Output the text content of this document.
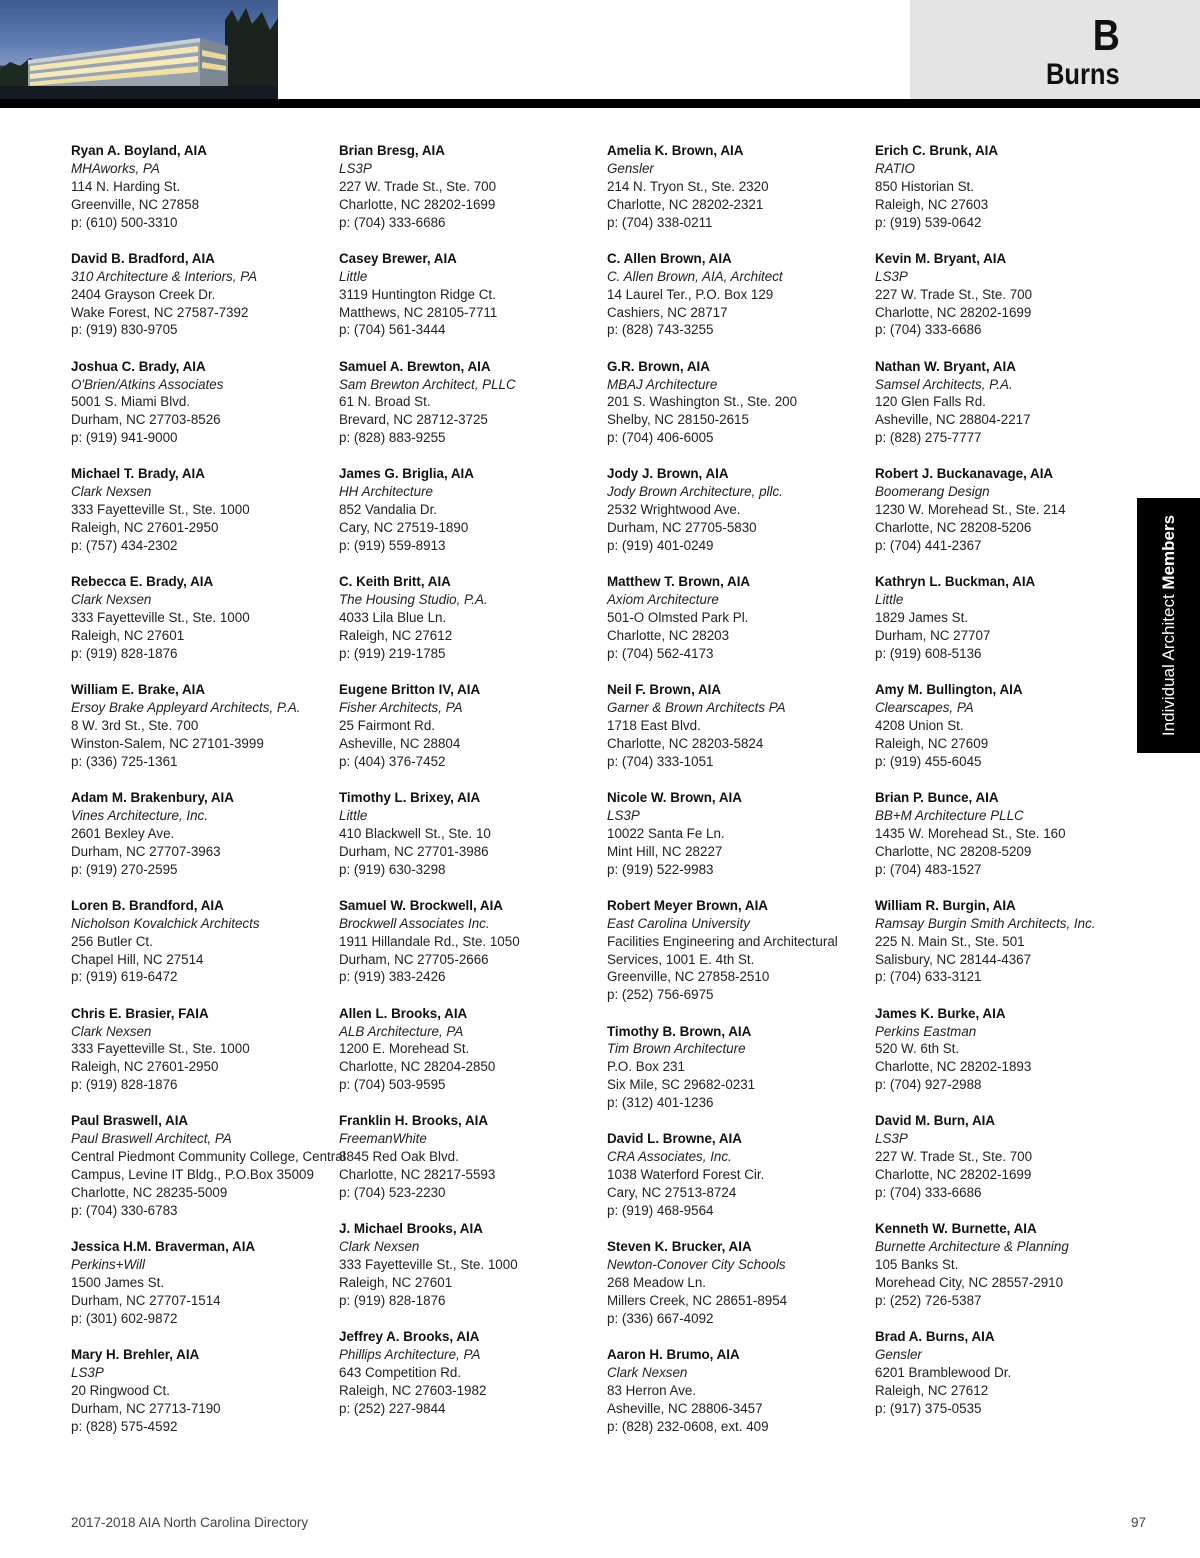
B
Burns
Ryan A. Boyland, AIA
MHAworks, PA
114 N. Harding St.
Greenville, NC 27858
p: (610) 500-3310
David B. Bradford, AIA
310 Architecture & Interiors, PA
2404 Grayson Creek Dr.
Wake Forest, NC 27587-7392
p: (919) 830-9705
Joshua C. Brady, AIA
O'Brien/Atkins Associates
5001 S. Miami Blvd.
Durham, NC 27703-8526
p: (919) 941-9000
Michael T. Brady, AIA
Clark Nexsen
333 Fayetteville St., Ste. 1000
Raleigh, NC 27601-2950
p: (757) 434-2302
Rebecca E. Brady, AIA
Clark Nexsen
333 Fayetteville St., Ste. 1000
Raleigh, NC 27601
p: (919) 828-1876
William E. Brake, AIA
Ersoy Brake Appleyard Architects, P.A.
8 W. 3rd St., Ste. 700
Winston-Salem, NC 27101-3999
p: (336) 725-1361
Adam M. Brakenbury, AIA
Vines Architecture, Inc.
2601 Bexley Ave.
Durham, NC 27707-3963
p: (919) 270-2595
Loren B. Brandford, AIA
Nicholson Kovalchick Architects
256 Butler Ct.
Chapel Hill, NC 27514
p: (919) 619-6472
Chris E. Brasier, FAIA
Clark Nexsen
333 Fayetteville St., Ste. 1000
Raleigh, NC 27601-2950
p: (919) 828-1876
Paul Braswell, AIA
Paul Braswell Architect, PA
Central Piedmont Community College, Central
Campus, Levine IT Bldg., P.O.Box 35009
Charlotte, NC 28235-5009
p: (704) 330-6783
Jessica H.M. Braverman, AIA
Perkins+Will
1500 James St.
Durham, NC 27707-1514
p: (301) 602-9872
Mary H. Brehler, AIA
LS3P
20 Ringwood Ct.
Durham, NC 27713-7190
p: (828) 575-4592
Brian Bresg, AIA
LS3P
227 W. Trade St., Ste. 700
Charlotte, NC 28202-1699
p: (704) 333-6686
Casey Brewer, AIA
Little
3119 Huntington Ridge Ct.
Matthews, NC 28105-7711
p: (704) 561-3444
Samuel A. Brewton, AIA
Sam Brewton Architect, PLLC
61 N. Broad St.
Brevard, NC 28712-3725
p: (828) 883-9255
James G. Briglia, AIA
HH Architecture
852 Vandalia Dr.
Cary, NC 27519-1890
p: (919) 559-8913
C. Keith Britt, AIA
The Housing Studio, P.A.
4033 Lila Blue Ln.
Raleigh, NC 27612
p: (919) 219-1785
Eugene Britton IV, AIA
Fisher Architects, PA
25 Fairmont Rd.
Asheville, NC 28804
p: (404) 376-7452
Timothy L. Brixey, AIA
Little
410 Blackwell St., Ste. 10
Durham, NC 27701-3986
p: (919) 630-3298
Samuel W. Brockwell, AIA
Brockwell Associates Inc.
1911 Hillandale Rd., Ste. 1050
Durham, NC 27705-2666
p: (919) 383-2426
Allen L. Brooks, AIA
ALB Architecture, PA
1200 E. Morehead St.
Charlotte, NC 28204-2850
p: (704) 503-9595
Franklin H. Brooks, AIA
FreemanWhite
8845 Red Oak Blvd.
Charlotte, NC 28217-5593
p: (704) 523-2230
J. Michael Brooks, AIA
Clark Nexsen
333 Fayetteville St., Ste. 1000
Raleigh, NC 27601
p: (919) 828-1876
Jeffrey A. Brooks, AIA
Phillips Architecture, PA
643 Competition Rd.
Raleigh, NC 27603-1982
p: (252) 227-9844
Amelia K. Brown, AIA
Gensler
214 N. Tryon St., Ste. 2320
Charlotte, NC 28202-2321
p: (704) 338-0211
C. Allen Brown, AIA
C. Allen Brown, AIA, Architect
14 Laurel Ter., P.O. Box 129
Cashiers, NC 28717
p: (828) 743-3255
G.R. Brown, AIA
MBAJ Architecture
201 S. Washington St., Ste. 200
Shelby, NC 28150-2615
p: (704) 406-6005
Jody J. Brown, AIA
Jody Brown Architecture, pllc.
2532 Wrightwood Ave.
Durham, NC 27705-5830
p: (919) 401-0249
Matthew T. Brown, AIA
Axiom Architecture
501-O Olmsted Park Pl.
Charlotte, NC 28203
p: (704) 562-4173
Neil F. Brown, AIA
Garner & Brown Architects PA
1718 East Blvd.
Charlotte, NC 28203-5824
p: (704) 333-1051
Nicole W. Brown, AIA
LS3P
10022 Santa Fe Ln.
Mint Hill, NC 28227
p: (919) 522-9983
Robert Meyer Brown, AIA
East Carolina University
Facilities Engineering and Architectural
Services, 1001 E. 4th St.
Greenville, NC 27858-2510
p: (252) 756-6975
Timothy B. Brown, AIA
Tim Brown Architecture
P.O. Box 231
Six Mile, SC 29682-0231
p: (312) 401-1236
David L. Browne, AIA
CRA Associates, Inc.
1038 Waterford Forest Cir.
Cary, NC 27513-8724
p: (919) 468-9564
Steven K. Brucker, AIA
Newton-Conover City Schools
268 Meadow Ln.
Millers Creek, NC 28651-8954
p: (336) 667-4092
Aaron H. Brumo, AIA
Clark Nexsen
83 Herron Ave.
Asheville, NC 28806-3457
p: (828) 232-0608, ext. 409
Erich C. Brunk, AIA
RATIO
850 Historian St.
Raleigh, NC 27603
p: (919) 539-0642
Kevin M. Bryant, AIA
LS3P
227 W. Trade St., Ste. 700
Charlotte, NC 28202-1699
p: (704) 333-6686
Nathan W. Bryant, AIA
Samsel Architects, P.A.
120 Glen Falls Rd.
Asheville, NC 28804-2217
p: (828) 275-7777
Robert J. Buckanavage, AIA
Boomerang Design
1230 W. Morehead St., Ste. 214
Charlotte, NC 28208-5206
p: (704) 441-2367
Kathryn L. Buckman, AIA
Little
1829 James St.
Durham, NC 27707
p: (919) 608-5136
Amy M. Bullington, AIA
Clearscapes, PA
4208 Union St.
Raleigh, NC 27609
p: (919) 455-6045
Brian P. Bunce, AIA
BB+M Architecture PLLC
1435 W. Morehead St., Ste. 160
Charlotte, NC 28208-5209
p: (704) 483-1527
William R. Burgin, AIA
Ramsay Burgin Smith Architects, Inc.
225 N. Main St., Ste. 501
Salisbury, NC 28144-4367
p: (704) 633-3121
James K. Burke, AIA
Perkins Eastman
520 W. 6th St.
Charlotte, NC 28202-1893
p: (704) 927-2988
David M. Burn, AIA
LS3P
227 W. Trade St., Ste. 700
Charlotte, NC 28202-1699
p: (704) 333-6686
Kenneth W. Burnette, AIA
Burnette Architecture & Planning
105 Banks St.
Morehead City, NC 28557-2910
p: (252) 726-5387
Brad A. Burns, AIA
Gensler
6201 Bramblewood Dr.
Raleigh, NC 27612
p: (917) 375-0535
Individual Architect Members
2017-2018 AIA North Carolina Directory	97
